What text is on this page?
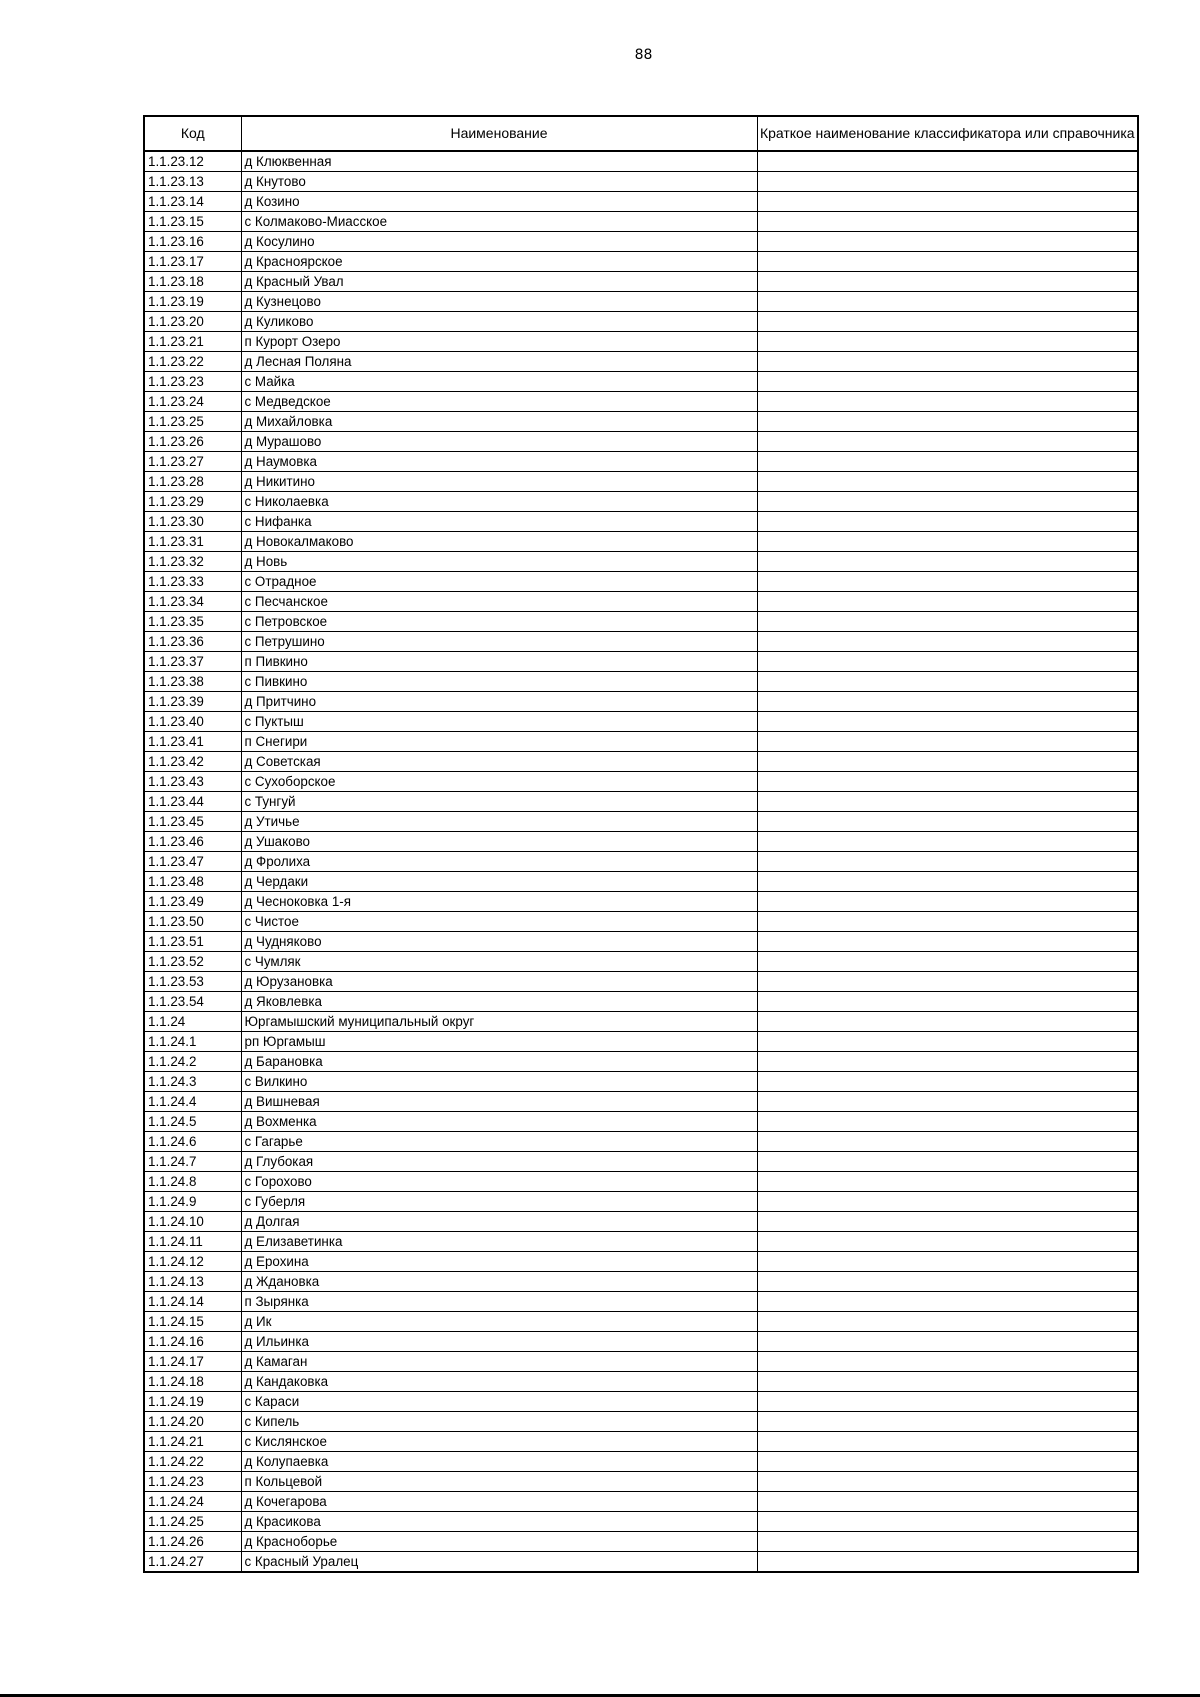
88
Код	Наименование	Краткое наименование классификатора или справочника
1.1.23.12	д Клюквенная	
1.1.23.13	д Кнутово	
1.1.23.14	д Козино	
1.1.23.15	с Колмаково-Миасское	
1.1.23.16	д Косулино	
1.1.23.17	д Красноярское	
1.1.23.18	д Красный Увал	
1.1.23.19	д Кузнецово	
1.1.23.20	д Куликово	
1.1.23.21	п Курорт Озеро	
1.1.23.22	д Лесная Поляна	
1.1.23.23	с Майка	
1.1.23.24	с Медведское	
1.1.23.25	д Михайловка	
1.1.23.26	д Мурашово	
1.1.23.27	д Наумовка	
1.1.23.28	д Никитино	
1.1.23.29	с Николаевка	
1.1.23.30	с Нифанка	
1.1.23.31	д Новокалмаково	
1.1.23.32	д Новь	
1.1.23.33	с Отрадное	
1.1.23.34	с Песчанское	
1.1.23.35	с Петровское	
1.1.23.36	с Петрушино	
1.1.23.37	п Пивкино	
1.1.23.38	с Пивкино	
1.1.23.39	д Притчино	
1.1.23.40	с Пуктыш	
1.1.23.41	п Снегири	
1.1.23.42	д Советская	
1.1.23.43	с Сухоборское	
1.1.23.44	с Тунгуй	
1.1.23.45	д Утичье	
1.1.23.46	д Ушаково	
1.1.23.47	д Фролиха	
1.1.23.48	д Чердаки	
1.1.23.49	д Чесноковка 1-я	
1.1.23.50	с Чистое	
1.1.23.51	д Чудняково	
1.1.23.52	с Чумляк	
1.1.23.53	д Юрузановка	
1.1.23.54	д Яковлевка	
1.1.24	Юргамышский муниципальный округ	
1.1.24.1	рп Юргамыш	
1.1.24.2	д Барановка	
1.1.24.3	с Вилкино	
1.1.24.4	д Вишневая	
1.1.24.5	д Вохменка	
1.1.24.6	с Гагарье	
1.1.24.7	д Глубокая	
1.1.24.8	с Горохово	
1.1.24.9	с Губерля	
1.1.24.10	д Долгая	
1.1.24.11	д Елизаветинка	
1.1.24.12	д Ерохина	
1.1.24.13	д Ждановка	
1.1.24.14	п Зырянка	
1.1.24.15	д Ик	
1.1.24.16	д Ильинка	
1.1.24.17	д Камаган	
1.1.24.18	д Кандаковка	
1.1.24.19	с Караси	
1.1.24.20	с Кипель	
1.1.24.21	с Кислянское	
1.1.24.22	д Колупаевка	
1.1.24.23	п Кольцевой	
1.1.24.24	д Кочегарова	
1.1.24.25	д Красикова	
1.1.24.26	д Красноборье	
1.1.24.27	с Красный Уралец	
